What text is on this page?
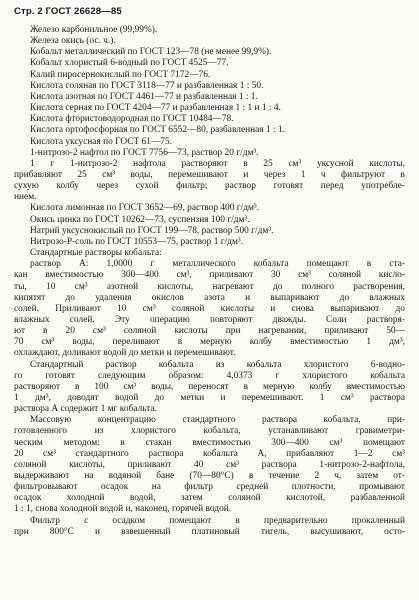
Стр. 2 ГОСТ 26628—85
Железо карбонильное (99,99%).
Железа окись (ос. ч.).
Кобальт металлический по ГОСТ 123—78 (не менее 99,9%).
Кобальт хлористый 6-водный по ГОСТ 4525—77.
Калий пиросернокислый по ГОСТ 7172—76.
Кислота соляная по ГОСТ 3118—77 и разбавленная 1 : 50.
Кислота азотная по ГОСТ 4461—77 и разбавленная 1 : 1.
Кислота серная по ГОСТ 4204—77 и разбавленная 1 : 1 и 1 : 4.
Кислота фтористоводородная по ГОСТ 10484—78.
Кислота ортофосфорная по ГОСТ 6552—80, разбавленная 1 : 1.
Кислота уксусная по ГОСТ 61—75.
1-нитрозо-2 нафтол по ГОСТ 7756—73, раствор 20 г/дм³.
1 г 1-нитрозо-2 нафтола растворяют в 25 см³ уксусной кислоты,
прибавляют 25 см³ воды, перемешивают и через 1 ч фильтруют в
сухую колбу через сухой фильтр; раствор готовят перед употребле-
нием.
Кислота лимонная по ГОСТ 3652—69, раствор 400 г/дм³.
Окись цинка по ГОСТ 10262—73, суспензия 100 г/дм³.
Натрий уксуснокислый по ГОСТ 199—78, раствор 500 г/дм³.
Нитрозо-Р-соль по ГОСТ 10553—75, раствор 1 г/дм³.
Стандартные растворы кобальта:
раствор А: 1,0000 г металлического кобальта помещают в ста-
кан вместимостью 300—400 см³, приливают 30 см³ соляной кисло-
ты, 10 см³ азотной кислоты, нагревают до полного растворения,
кипятят до удаления окислов азота и выпаривают до влажных
солей. Приливают 10 см³ соляной кислоты и снова выпаривают до
влажных солей. Эту операцию повторяют дважды. Соли растворя-
ют в 20 см³ соляной кислоты при нагревании, приливают 50—
70 см³ воды, переливают в мерную колбу вместимостью 1 дм³,
охлаждают, доливают водой до метки и перемешивают.
Стандартный раствор кобальта из кобальта хлористого 6-водно-
го готовят следующим образом: 4,0373 г хлористого кобальта
растворяют в 100 см³ воды, переносят в мерную колбу вместимостью
1 дм³, доводят водой до метки и перемешивают. 1 см³ раствора
раствора А содержит 1 мг кобальта.
Массовую концентрацию стандартного раствора кобальта, при-
готовленного из хлористого кобальта, устанавливают гравиметри-
ческим методом: в стакан вместимостью 300—400 см³ помещают
20 см³ стандартного раствора кобальта А, прибавляют 1—2 см³
соляной кислоты, приливают 40 см³ раствора 1-нитрозо-2-нафтола,
выдерживают на водяной бане (70—80°С) в течение 2 ч, затем от-
фильтровывают осадок на фильтр средней плотности, промывают
осадок холодной водой, затем соляной кислотой, разбавленной
1 : 1, снова холодной водой и, наконец, горячей водой.
Фильтр с осадком помещают в предварительно прокаленный
при 800°С и взвешенный платиновый тигель, высушивают, осто-
